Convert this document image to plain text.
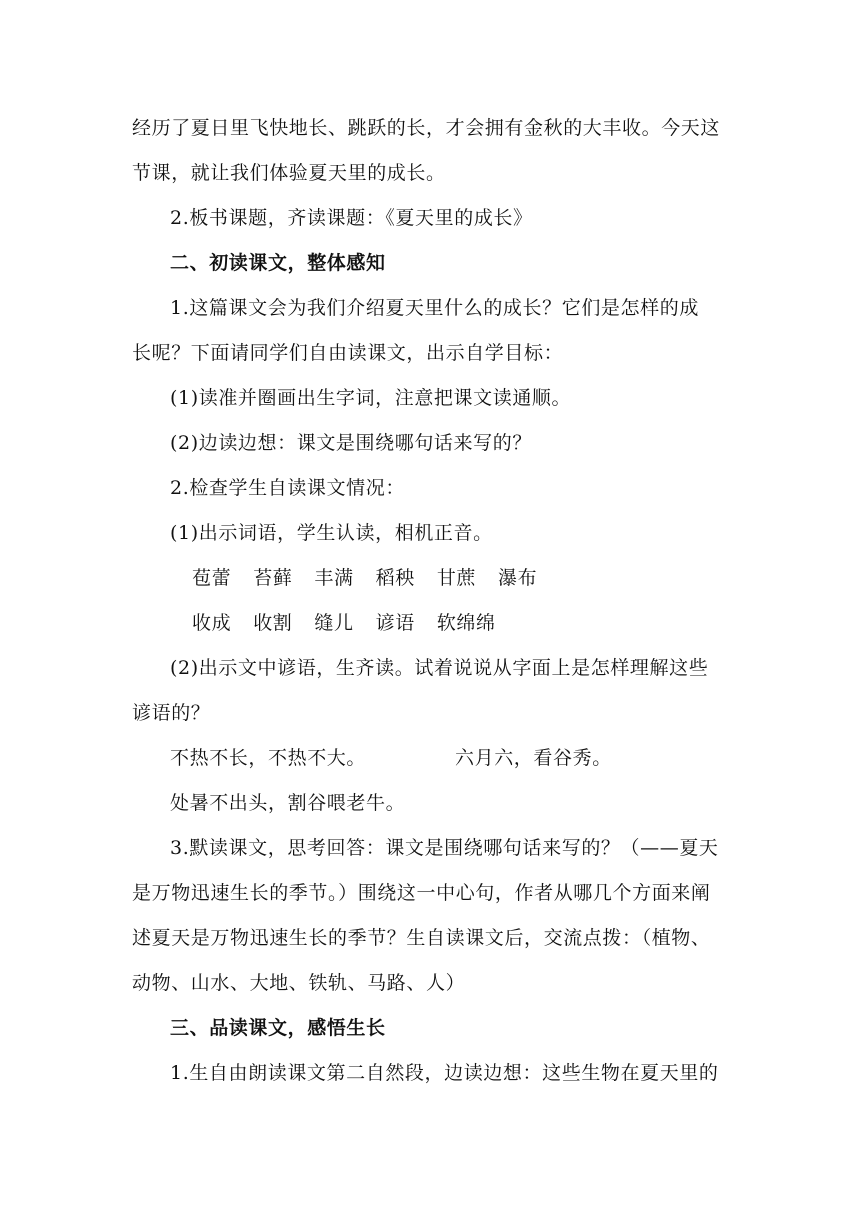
经历了夏日里飞快地长、跳跃的长，才会拥有金秋的大丰收。今天这
节课，就让我们体验夏天里的成长。
2.板书课题，齐读课题：《夏天里的成长》
二、初读课文，整体感知
1.这篇课文会为我们介绍夏天里什么的成长？它们是怎样的成
长呢？下面请同学们自由读课文，出示自学目标：
(1)读准并圈画出生字词，注意把课文读通顺。
(2)边读边想：课文是围绕哪句话来写的？
2.检查学生自读课文情况：
(1)出示词语，学生认读，相机正音。
苞蕾 苔藓 丰满 稻秧 甘蔗 瀑布
收成 收割 缝儿 谚语 软绵绵
(2)出示文中谚语，生齐读。试着说说从字面上是怎样理解这些
谚语的？
不热不长，不热不大。	六月六，看谷秀。
处暑不出头，割谷喂老牛。
3.默读课文，思考回答：课文是围绕哪句话来写的？（——夏天
是万物迅速生长的季节。）围绕这一中心句，作者从哪几个方面来阐
述夏天是万物迅速生长的季节？生自读课文后，交流点拨：（植物、
动物、山水、大地、铁轨、马路、人）
三、品读课文，感悟生长
1.生自由朗读课文第二自然段，边读边想：这些生物在夏天里的
